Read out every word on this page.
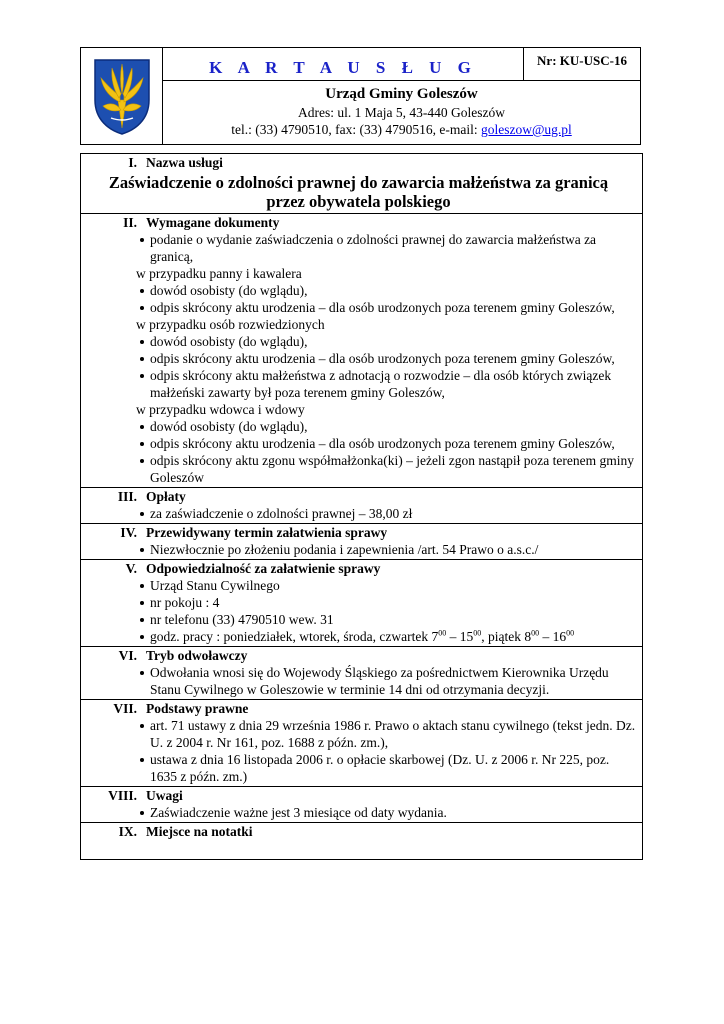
	K A R T A U S Ł U G	Nr: KU-USC-16

Urząd Gminy Goleszów
Adres: ul. 1 Maja 5, 43-440 Goleszów
tel.: (33) 4790510, fax: (33) 4790516, e-mail: goleszow@ug.pl
I. Nazwa usługi
Zaświadczenie o zdolności prawnej do zawarcia małżeństwa za granicą przez obywatela polskiego
II. Wymagane dokumenty
podanie o wydanie zaświadczenia o zdolności prawnej do zawarcia małżeństwa za granicą,
w przypadku panny i kawalera
dowód osobisty (do wglądu),
odpis skrócony aktu urodzenia – dla osób urodzonych poza terenem gminy Goleszów,
w przypadku osób rozwiedzionych
dowód osobisty (do wglądu),
odpis skrócony aktu urodzenia – dla osób urodzonych poza terenem gminy Goleszów,
odpis skrócony aktu małżeństwa z adnotacją o rozwodzie – dla osób których związek małżeński zawarty był poza terenem gminy Goleszów,
w przypadku wdowca i wdowy
dowód osobisty (do wglądu),
odpis skrócony aktu urodzenia – dla osób urodzonych poza terenem gminy Goleszów,
odpis skrócony aktu zgonu współmałżonka(ki) – jeżeli zgon nastąpił poza terenem gminy Goleszów
III. Opłaty
za zaświadczenie o zdolności prawnej – 38,00 zł
IV. Przewidywany termin załatwienia sprawy
Niezwłocznie po złożeniu podania i zapewnienia /art. 54 Prawo o a.s.c./
V. Odpowiedzialność za załatwienie sprawy
Urząd Stanu Cywilnego
nr pokoju : 4
nr telefonu (33) 4790510 wew. 31
godz. pracy : poniedziałek, wtorek, środa, czwartek $7^{00} - 15^{00}$, piątek $8^{00} - 16^{00}$
VI. Tryb odwoławczy
Odwołania wnosi się do Wojewody Śląskiego za pośrednictwem Kierownika Urzędu Stanu Cywilnego w Goleszowie w terminie 14 dni od otrzymania decyzji.
VII. Podstawy prawne
art. 71 ustawy z dnia 29 września 1986 r. Prawo o aktach stanu cywilnego (tekst jedn. Dz. U. z 2004 r. Nr 161, poz. 1688 z późn. zm.),
ustawa z dnia 16 listopada 2006 r. o opłacie skarbowej (Dz. U. z 2006 r. Nr 225, poz. 1635 z późn. zm.)
VIII. Uwagi
Zaświadczenie ważne jest 3 miesiące od daty wydania.
IX. Miejsce na notatki
